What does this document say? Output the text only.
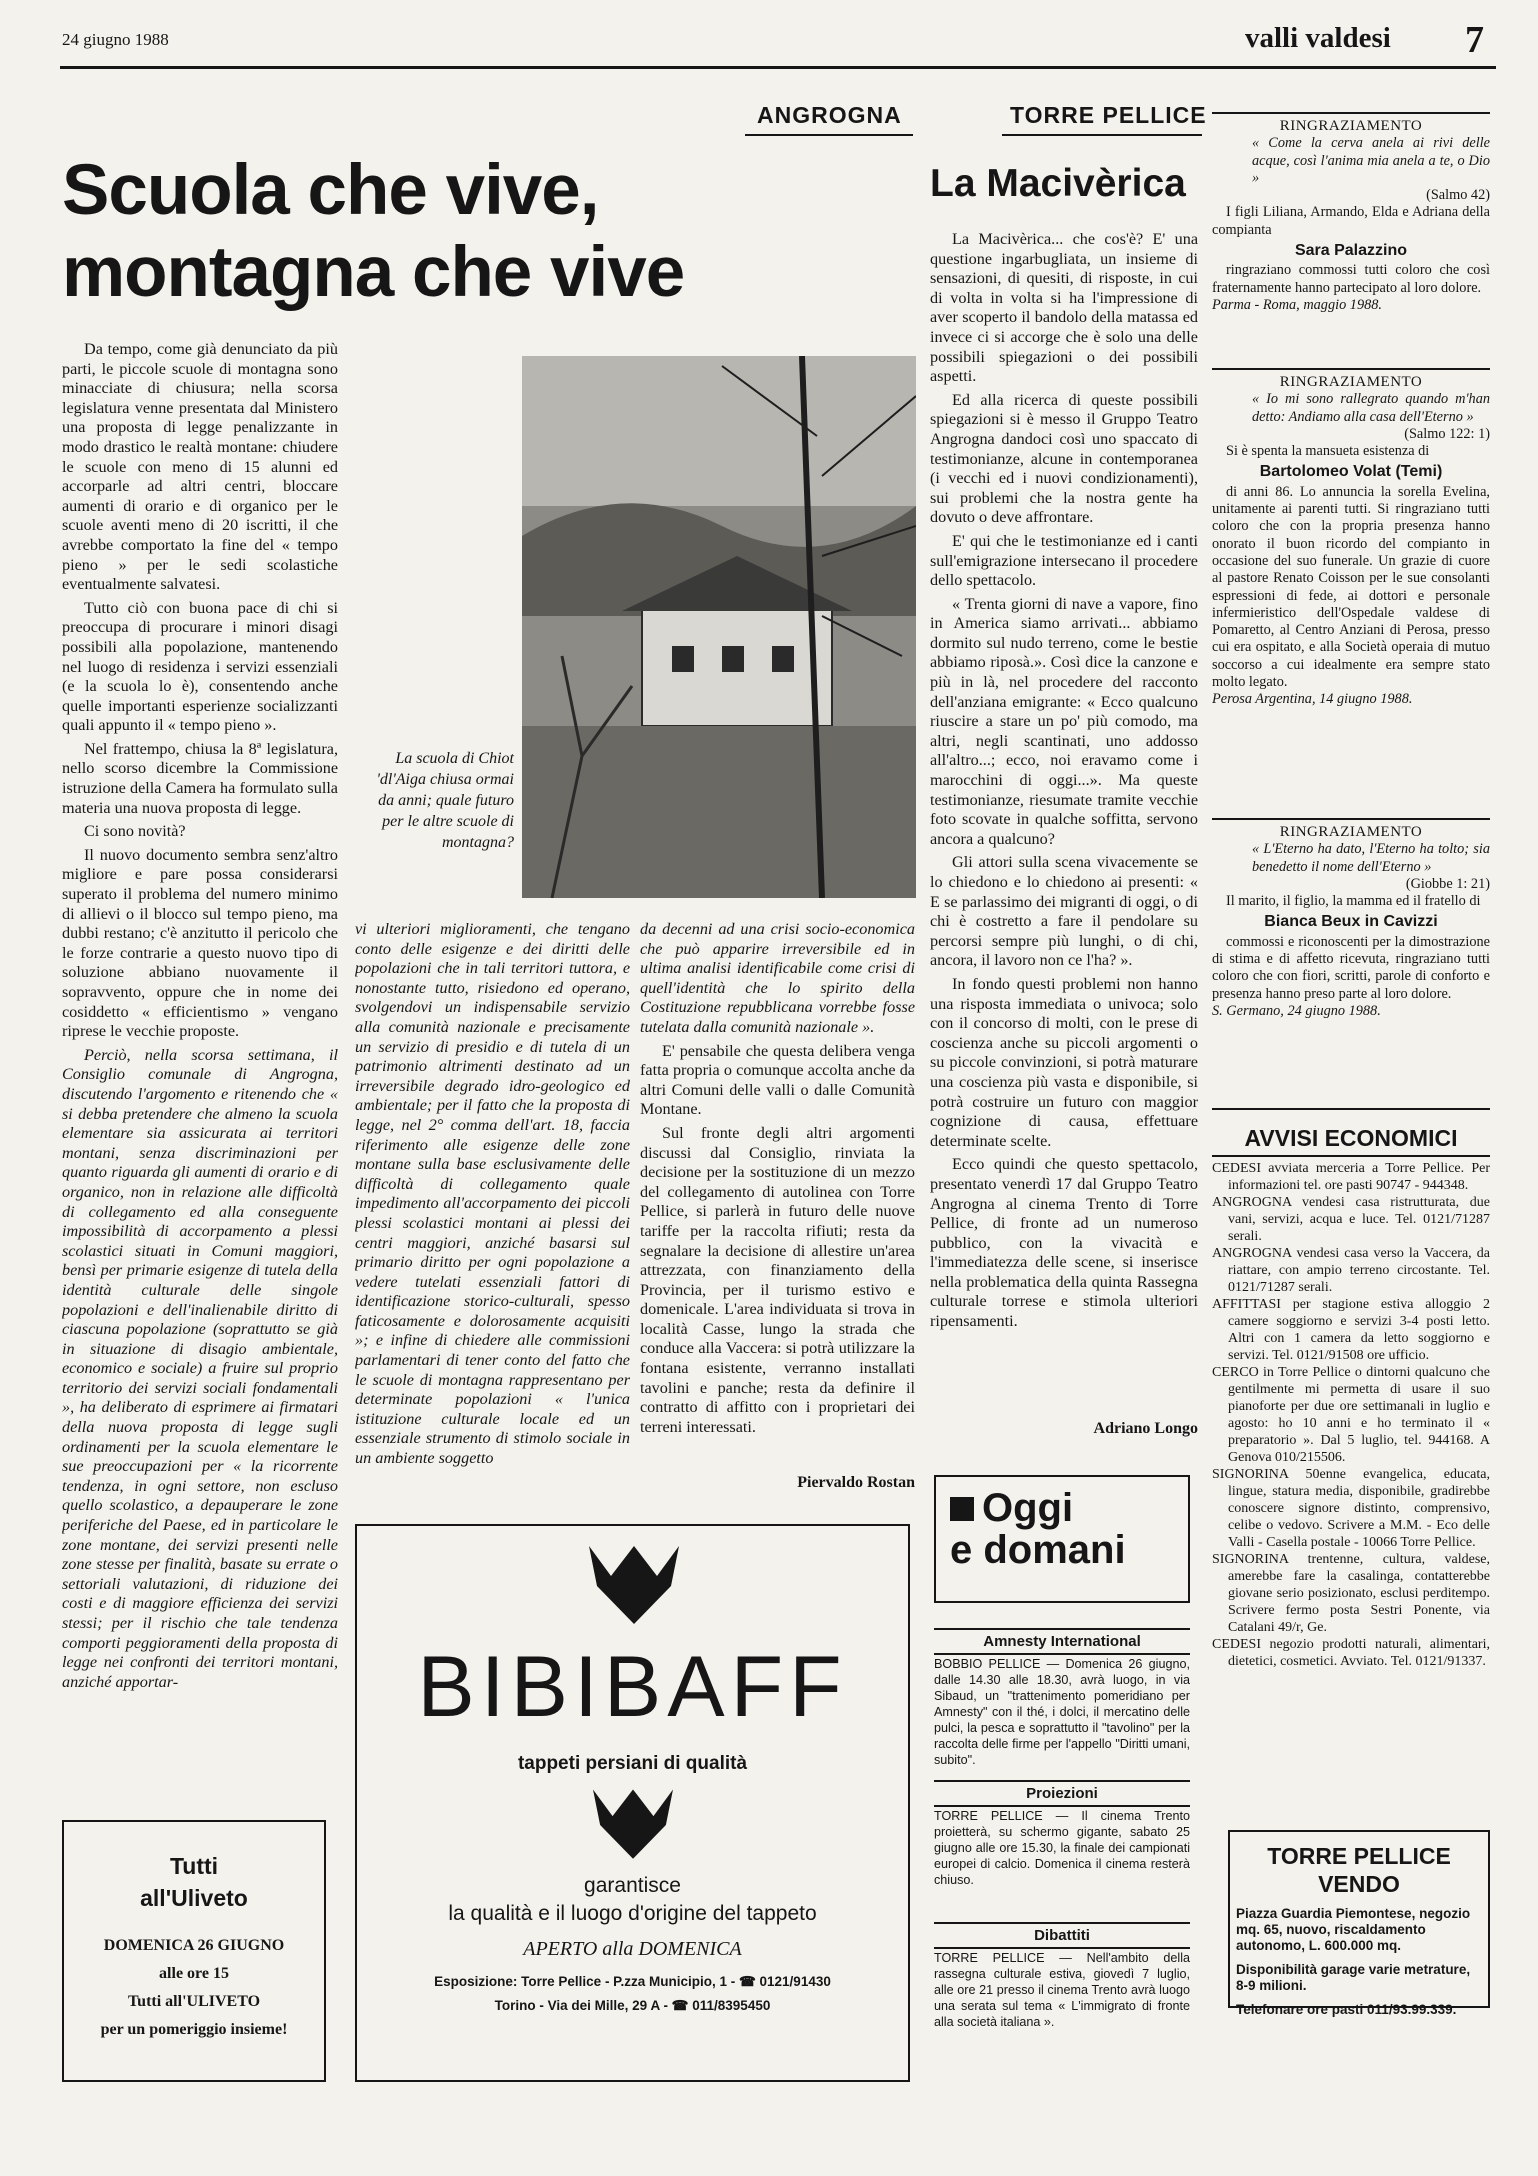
24 giugno 1988	valli valdesi 7
ANGROGNA	TORRE PELLICE
Scuola che vive, montagna che vive
La Macivèrica

Da tempo, come già denunciato da più parti, le piccole scuole di montagna sono minacciate di chiusura; nella scorsa legislatura venne presentata dal Ministero una proposta di legge penalizzante in modo drastico le realtà montane: chiudere le scuole con meno di 15 alunni ed accorparle ad altri centri, bloccare aumenti di orario e di organico per le scuole aventi meno di 20 iscritti, il che avrebbe comportato la fine del « tempo pieno » per le sedi scolastiche eventualmente salvatesi.

Tutto ciò con buona pace di chi si preoccupa di procurare i minori disagi possibili alla popolazione, mantenendo nel luogo di residenza i servizi essenziali (e la scuola lo è), consentendo anche quelle importanti esperienze socializzanti quali appunto il « tempo pieno ».

Nel frattempo, chiusa la 8ª legislatura, nello scorso dicembre la Commissione istruzione della Camera ha formulato sulla materia una nuova proposta di legge.

Ci sono novità?

Il nuovo documento sembra senz'altro migliore e pare possa considerarsi superato il problema del numero minimo di allievi o il blocco sul tempo pieno, ma dubbi restano; c'è anzitutto il pericolo che le forze contrarie a questo nuovo tipo di soluzione abbiano nuovamente il sopravvento, oppure che in nome dei cosiddetto « efficientismo » vengano riprese le vecchie proposte.

Perciò, nella scorsa settimana, il Consiglio comunale di Angrogna, discutendo l'argomento e ritenendo che « si debba pretendere che almeno la scuola elementare sia assicurata ai territori montani, senza discriminazioni per quanto riguarda gli aumenti di orario e di organico, non in relazione alle difficoltà di collegamento ed alla conseguente impossibilità di accorpamento a plessi scolastici situati in Comuni maggiori, bensì per primarie esigenze di tutela della identità culturale delle singole popolazioni e dell'inalienabile diritto di ciascuna popolazione (soprattutto se già in situazione di disagio ambientale, economico e sociale) a fruire sul proprio territorio dei servizi sociali fondamentali », ha deliberato di esprimere ai firmatari della nuova proposta di legge sugli ordinamenti per la scuola elementare le sue preoccupazioni per « la ricorrente tendenza, in ogni settore, non escluso quello scolastico, a depauperare le zone periferiche del Paese, ed in particolare le zone montane, dei servizi presenti nelle zone stesse per finalità, basate su errate o settoriali valutazioni, di riduzione dei costi e di maggiore efficienza dei servizi stessi; per il rischio che tale tendenza comporti peggioramenti della proposta di legge nei confronti dei territori montani, anziché apportar-

La scuola di Chiot 'dl'Aiga chiusa ormai da anni; quale futuro per le altre scuole di montagna?

vi ulteriori miglioramenti, che tengano conto delle esigenze e dei diritti delle popolazioni che in tali territori tuttora, e nonostante tutto, risiedono ed operano, svolgendovi un indispensabile servizio alla comunità nazionale e precisamente un servizio di presidio e di tutela di un patrimonio altrimenti destinato ad un irreversibile degrado idro-geologico ed ambientale; per il fatto che la proposta di legge, nel 2° comma dell'art. 18, faccia riferimento alle esigenze delle zone montane sulla base esclusivamente delle difficoltà di collegamento quale impedimento all'accorpamento dei piccoli plessi scolastici montani ai plessi dei centri maggiori, anziché basarsi sul primario diritto per ogni popolazione a vedere tutelati essenziali fattori di identificazione storico-culturali, spesso faticosamente e dolorosamente acquisiti »; e infine di chiedere alle commissioni parlamentari di tener conto del fatto che le scuole di montagna rappresentano per determinate popolazioni « l'unica istituzione culturale locale ed un essenziale strumento di stimolo sociale in un ambiente soggetto

da decenni ad una crisi socio-economica che può apparire irreversibile ed in ultima analisi identificabile come crisi di quell'identità che lo spirito della Costituzione repubblicana vorrebbe fosse tutelata dalla comunità nazionale ».

E' pensabile che questa delibera venga fatta propria o comunque accolta anche da altri Comuni delle valli o dalle Comunità Montane.

Sul fronte degli altri argomenti discussi dal Consiglio, rinviata la decisione per la sostituzione di un mezzo del collegamento di autolinea con Torre Pellice, si parlerà in futuro delle nuove tariffe per la raccolta rifiuti; resta da segnalare la decisione di allestire un'area attrezzata, con finanziamento della Provincia, per il turismo estivo e domenicale. L'area individuata si trova in località Casse, lungo la strada che conduce alla Vaccera: si potrà utilizzare la fontana esistente, verranno installati tavolini e panche; resta da definire il contratto di affitto con i proprietari dei terreni interessati.

Piervaldo Rostan

La Macivèrica... che cos'è? E' una questione ingarbugliata, un insieme di sensazioni, di quesiti, di risposte, in cui di volta in volta si ha l'impressione di aver scoperto il bandolo della matassa ed invece ci si accorge che è solo una delle possibili spiegazioni o dei possibili aspetti.

Ed alla ricerca di queste possibili spiegazioni si è messo il Gruppo Teatro Angrogna dandoci così uno spaccato di testimonianze, alcune in contemporanea (i vecchi ed i nuovi condizionamenti), sui problemi che la nostra gente ha dovuto o deve affrontare.

E' qui che le testimonianze ed i canti sull'emigrazione intersecano il procedere dello spettacolo.

« Trenta giorni di nave a vapore, fino in America siamo arrivati... abbiamo dormito sul nudo terreno, come le bestie abbiamo riposà.». Così dice la canzone e più in là, nel procedere del racconto dell'anziana emigrante: « Ecco qualcuno riuscire a stare un po' più comodo, ma altri, negli scantinati, uno addosso all'altro...; ecco, noi eravamo come i marocchini di oggi...». Ma queste testimonianze, riesumate tramite vecchie foto scovate in qualche soffitta, servono ancora a qualcuno?

Gli attori sulla scena vivacemente se lo chiedono e lo chiedono ai presenti: « E se parlassimo dei migranti di oggi, o di chi è costretto a fare il pendolare su percorsi sempre più lunghi, o di chi, ancora, il lavoro non ce l'ha? ».

In fondo questi problemi non hanno una risposta immediata o univoca; solo con il concorso di molti, con le prese di coscienza anche su piccoli argomenti o su piccole convinzioni, si potrà maturare una coscienza più vasta e disponibile, si potrà costruire un futuro con maggior cognizione di causa, effettuare determinate scelte.

Ecco quindi che questo spettacolo, presentato venerdì 17 dal Gruppo Teatro Angrogna al cinema Trento di Torre Pellice, di fronte ad un numeroso pubblico, con la vivacità e l'immediatezza delle scene, si inserisce nella problematica della quinta Rassegna culturale torrese e stimola ulteriori ripensamenti.

Adriano Longo
RINGRAZIAMENTO
« Come la cerva anela ai rivi delle acque, così l'anima mia anela a te, o Dio »
(Salmo 42)

I figli Liliana, Armando, Elda e Adriana della compianta

Sara Palazzino

ringraziano commossi tutti coloro che così fraternamente hanno partecipato al loro dolore.

Parma - Roma, maggio 1988.
RINGRAZIAMENTO
« Io mi sono rallegrato quando m'han detto: Andiamo alla casa dell'Eterno »
(Salmo 122: 1)

Si è spenta la mansueta esistenza di

Bartolomeo Volat (Temi)

di anni 86. Lo annuncia la sorella Evelina, unitamente ai parenti tutti. Si ringraziano tutti coloro che con la propria presenza hanno onorato il buon ricordo del compianto in occasione del suo funerale. Un grazie di cuore al pastore Renato Coisson per le sue consolanti espressioni di fede, ai dottori e personale infermieristico dell'Ospedale valdese di Pomaretto, al Centro Anziani di Perosa, presso cui era ospitato, e alla Società operaia di mutuo soccorso a cui idealmente era sempre stato molto legato.

Perosa Argentina, 14 giugno 1988.
RINGRAZIAMENTO
« L'Eterno ha dato, l'Eterno ha tolto; sia benedetto il nome dell'Eterno »
(Giobbe 1: 21)

Il marito, il figlio, la mamma ed il fratello di

Bianca Beux in Cavizzi

commossi e riconoscenti per la dimostrazione di stima e di affetto ricevuta, ringraziano tutti coloro che con fiori, scritti, parole di conforto e presenza hanno preso parte al loro dolore.

S. Germano, 24 giugno 1988.
AVVISI ECONOMICI
CEDESI avviata merceria a Torre Pellice. Per informazioni tel. ore pasti 90747 - 944348.
ANGROGNA vendesi casa ristrutturata, due vani, servizi, acqua e luce. Tel. 0121/71287 serali.
ANGROGNA vendesi casa verso la Vaccera, da riattare, con ampio terreno circostante. Tel. 0121/71287 serali.
AFFITTASI per stagione estiva alloggio 2 camere soggiorno e servizi 3-4 posti letto. Altri con 1 camera da letto soggiorno e servizi. Tel. 0121/91508 ore ufficio.
CERCO in Torre Pellice o dintorni qualcuno che gentilmente mi permetta di usare il suo pianoforte per due ore settimanali in luglio e agosto: ho 10 anni e ho terminato il « preparatorio ». Dal 5 luglio, tel. 944168. A Genova 010/215506.
SIGNORINA 50enne evangelica, educata, lingue, statura media, disponibile, gradirebbe conoscere signore distinto, comprensivo, celibe o vedovo. Scrivere a M.M. - Eco delle Valli - Casella postale - 10066 Torre Pellice.
SIGNORINA trentenne, cultura, valdese, amerebbe fare la casalinga, contatterebbe giovane serio posizionato, esclusi perditempo. Scrivere fermo posta Sestri Ponente, via Catalani 49/r, Ge.
CEDESI negozio prodotti naturali, alimentari, dietetici, cosmetici. Avviato. Tel. 0121/91337.
TORRE PELLICE
VENDO
Piazza Guardia Piemontese, negozio mq. 65, nuovo, riscaldamento autonomo, L. 600.000 mq.
Disponibilità garage varie metrature, 8-9 milioni.
Telefonare ore pasti 011/93.99.339.
Tutti
all'Uliveto
DOMENICA 26 GIUGNO
alle ore 15
Tutti all'ULIVETO
per un pomeriggio insieme!
BIBIBAFF
tappeti persiani di qualità
garantisce
la qualità e il luogo d'origine del tappeto
APERTO alla DOMENICA
Esposizione: Torre Pellice - P.zza Municipio, 1 - ☎ 0121/91430
Torino - Via dei Mille, 29 A - ☎ 011/8395450
Oggi
e domani
Amnesty International
BOBBIO PELLICE — Domenica 26 giugno, dalle 14.30 alle 18.30, avrà luogo, in via Sibaud, un "trattenimento pomeridiano per Amnesty" con il thé, i dolci, il mercatino delle pulci, la pesca e soprattutto il "tavolino" per la raccolta delle firme per l'appello "Diritti umani, subito".
Proiezioni
TORRE PELLICE — Il cinema Trento proietterà, su schermo gigante, sabato 25 giugno alle ore 15.30, la finale dei campionati europei di calcio. Domenica il cinema resterà chiuso.
Dibattiti
TORRE PELLICE — Nell'ambito della rassegna culturale estiva, giovedì 7 luglio, alle ore 21 presso il cinema Trento avrà luogo una serata sul tema « L'immigrato di fronte alla società italiana ».
